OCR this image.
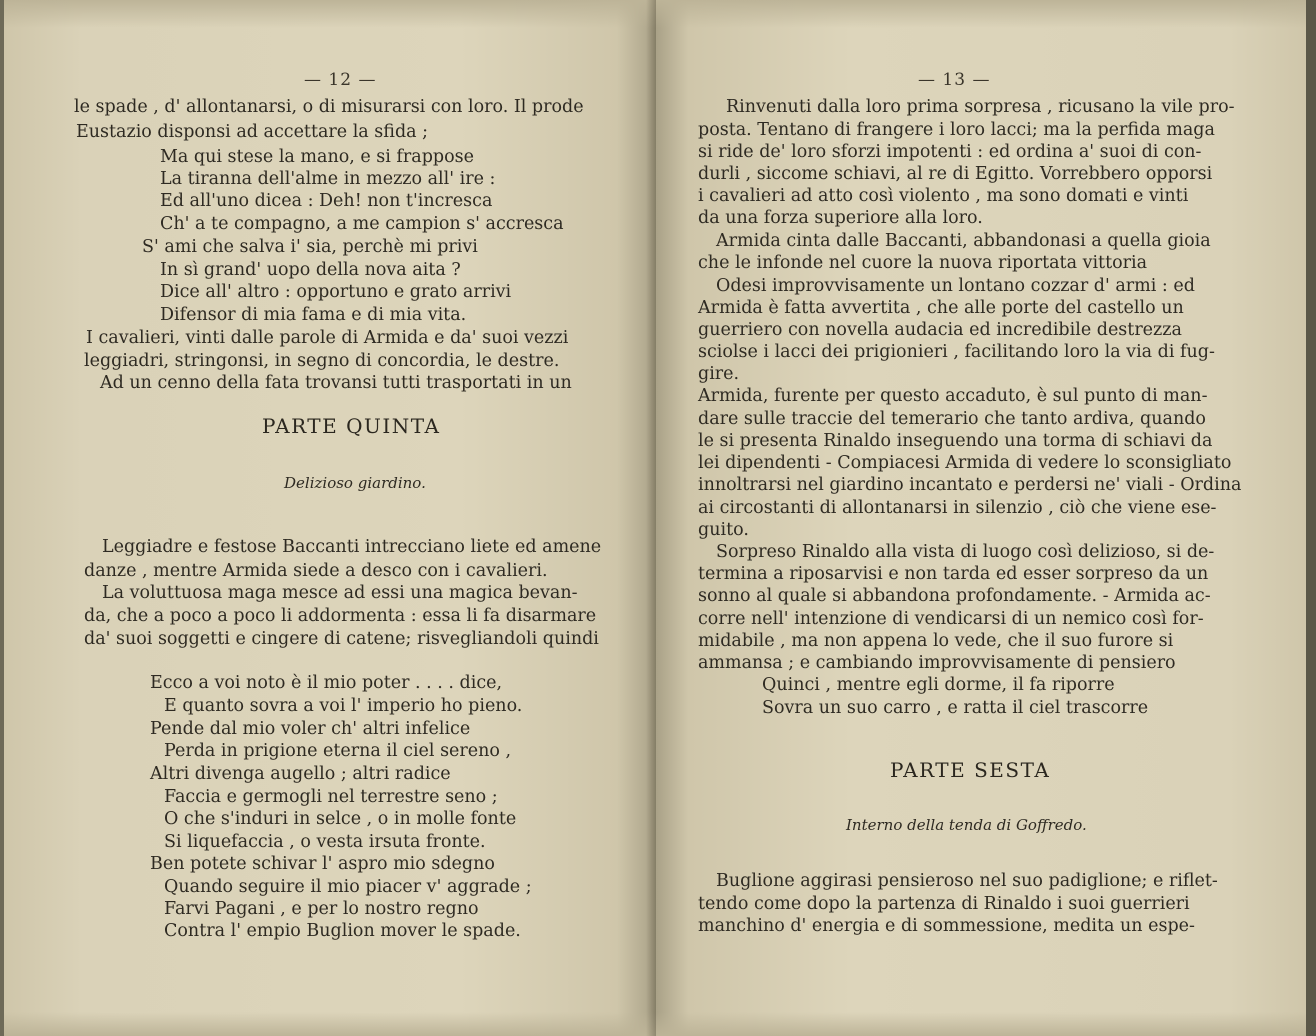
— 12 —
le spade , d' allontanarsi, o di misurarsi con loro. Il prode
Eustazio disponsi ad accettare la sfida ;
Ma qui stese la mano, e si frappose
La tiranna dell'alme in mezzo all' ire :
Ed all'uno dicea : Deh! non t'incresca
Ch' a te compagno, a me campion s' accresca
S' ami che salva i' sia, perchè mi privi
In sì grand' uopo della nova aita ?
Dice all' altro : opportuno e grato arrivi
Difensor di mia fama e di mia vita.
I cavalieri, vinti dalle parole di Armida e da' suoi vezzi
leggiadri, stringonsi, in segno di concordia, le destre.
Ad un cenno della fata trovansi tutti trasportati in un
PARTE QUINTA
Delizioso giardino.
Leggiadre e festose Baccanti intrecciano liete ed amene
danze , mentre Armida siede a desco con i cavalieri.
La voluttuosa maga mesce ad essi una magica bevan-
da, che a poco a poco li addormenta : essa li fa disarmare
da' suoi soggetti e cingere di catene; risvegliandoli quindi
Ecco a voi noto è il mio poter . . . . dice,
E quanto sovra a voi l' imperio ho pieno.
Pende dal mio voler ch' altri infelice
Perda in prigione eterna il ciel sereno ,
Altri divenga augello ; altri radice
Faccia e germogli nel terrestre seno ;
O che s'induri in selce , o in molle fonte
Si liquefaccia , o vesta irsuta fronte.
Ben potete schivar l' aspro mio sdegno
Quando seguire il mio piacer v' aggrade ;
Farvi Pagani , e per lo nostro regno
Contra l' empio Buglion mover le spade.
— 13 —
Rinvenuti dalla loro prima sorpresa , ricusano la vile pro-
posta. Tentano di frangere i loro lacci; ma la perfida maga
si ride de' loro sforzi impotenti : ed ordina a' suoi di con-
durli , siccome schiavi, al re di Egitto. Vorrebbero opporsi
i cavalieri ad atto così violento , ma sono domati e vinti
da una forza superiore alla loro.
Armida cinta dalle Baccanti, abbandonasi a quella gioia
che le infonde nel cuore la nuova riportata vittoria
Odesi improvvisamente un lontano cozzar d' armi : ed
Armida è fatta avvertita , che alle porte del castello un
guerriero con novella audacia ed incredibile destrezza
sciolse i lacci dei prigionieri , facilitando loro la via di fug-
gire.
Armida, furente per questo accaduto, è sul punto di man-
dare sulle traccie del temerario che tanto ardiva, quando
le si presenta Rinaldo inseguendo una torma di schiavi da
lei dipendenti - Compiacesi Armida di vedere lo sconsigliato
innoltrarsi nel giardino incantato e perdersi ne' viali - Ordina
ai circostanti di allontanarsi in silenzio , ciò che viene ese-
guito.
Sorpreso Rinaldo alla vista di luogo così delizioso, si de-
termina a riposarvisi e non tarda ed esser sorpreso da un
sonno al quale si abbandona profondamente. - Armida ac-
corre nell' intenzione di vendicarsi di un nemico così for-
midabile , ma non appena lo vede, che il suo furore si
ammansa ; e cambiando improvvisamente di pensiero
Quinci , mentre egli dorme, il fa riporre
Sovra un suo carro , e ratta il ciel trascorre
PARTE SESTA
Interno della tenda di Goffredo.
Buglione aggirasi pensieroso nel suo padiglione; e riflet-
tendo come dopo la partenza di Rinaldo i suoi guerrieri
manchino d' energia e di sommessione, medita un espe-
